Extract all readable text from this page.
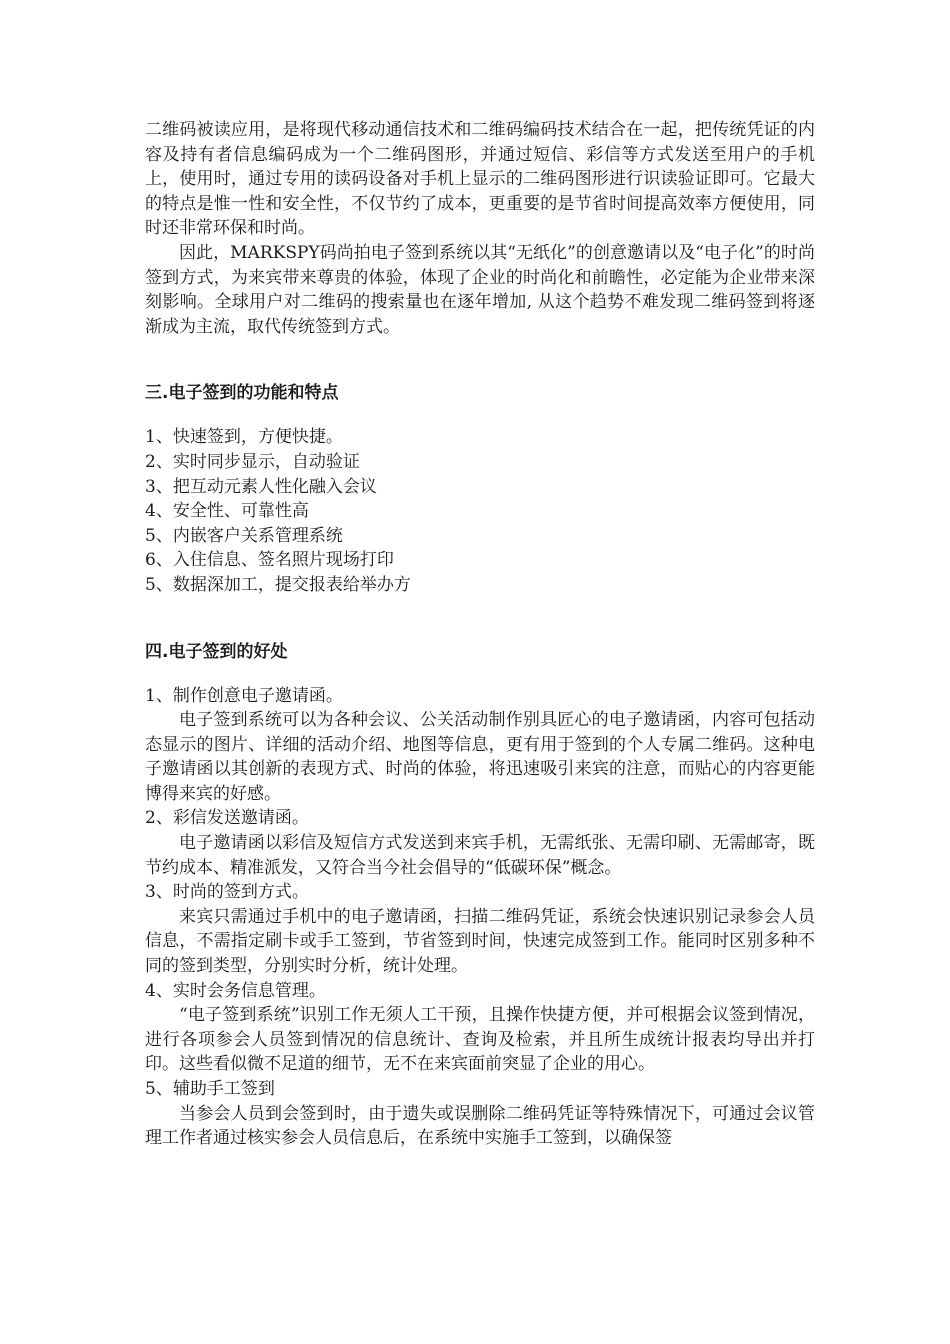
二维码被读应用，是将现代移动通信技术和二维码编码技术结合在一起，把传统凭证的内容及持有者信息编码成为一个二维码图形，并通过短信、彩信等方式发送至用户的手机上，使用时，通过专用的读码设备对手机上显示的二维码图形进行识读验证即可。它最大的特点是惟一性和安全性，不仅节约了成本，更重要的是节省时间提高效率方便使用，同时还非常环保和时尚。

因此，MARKSPY码尚拍电子签到系统以其“无纸化”的创意邀请以及“电子化”的时尚签到方式，为来宾带来尊贵的体验，体现了企业的时尚化和前瞻性，必定能为企业带来深刻影响。全球用户对二维码的搜索量也在逐年增加, 从这个趋势不难发现二维码签到将逐渐成为主流，取代传统签到方式。

三.电子签到的功能和特点
1、快速签到，方便快捷。
2、实时同步显示，自动验证
3、把互动元素人性化融入会议
4、安全性、可靠性高
5、内嵌客户关系管理系统
6、入住信息、签名照片现场打印
5、数据深加工，提交报表给举办方
四.电子签到的好处
1、制作创意电子邀请函。

电子签到系统可以为各种会议、公关活动制作别具匠心的电子邀请函，内容可包括动态显示的图片、详细的活动介绍、地图等信息，更有用于签到的个人专属二维码。这种电子邀请函以其创新的表现方式、时尚的体验，将迅速吸引来宾的注意，而贴心的内容更能博得来宾的好感。

2、彩信发送邀请函。

电子邀请函以彩信及短信方式发送到来宾手机，无需纸张、无需印刷、无需邮寄，既节约成本、精准派发，又符合当今社会倡导的“低碳环保”概念。

3、时尚的签到方式。

来宾只需通过手机中的电子邀请函，扫描二维码凭证，系统会快速识别记录参会人员信息，不需指定刷卡或手工签到，节省签到时间，快速完成签到工作。能同时区别多种不同的签到类型，分别实时分析，统计处理。

4、实时会务信息管理。

“电子签到系统”识别工作无须人工干预，且操作快捷方便，并可根据会议签到情况，进行各项参会人员签到情况的信息统计、查询及检索，并且所生成统计报表均导出并打印。这些看似微不足道的细节，无不在来宾面前突显了企业的用心。

5、辅助手工签到

当参会人员到会签到时，由于遗失或误删除二维码凭证等特殊情况下，可通过会议管理工作者通过核实参会人员信息后，在系统中实施手工签到，以确保签
